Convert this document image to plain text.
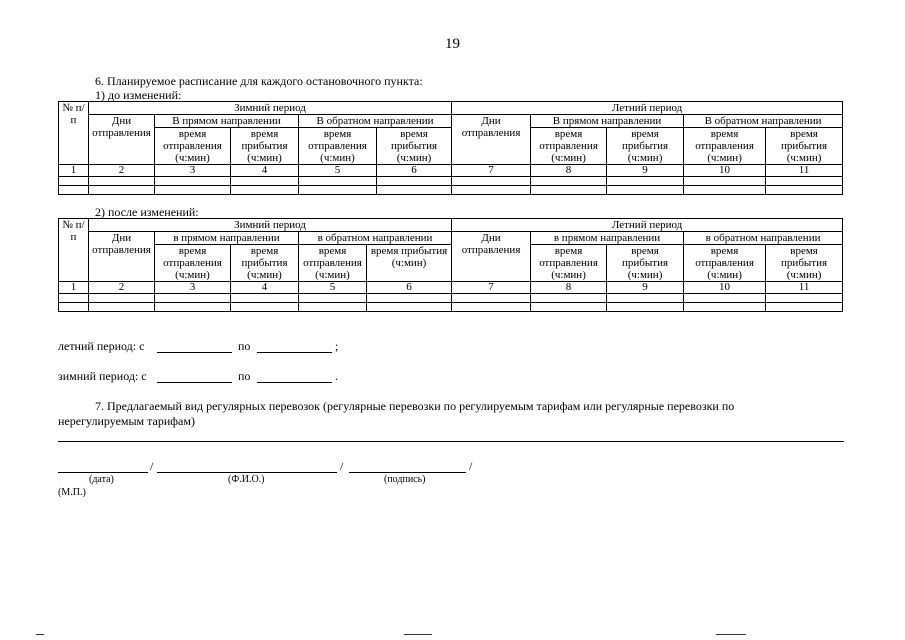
19
6. Планируемое расписание для каждого остановочного пункта:
1) до изменений:
№ п/п	Зимний период					Летний период				
	Дни отправления	В прямом направлении		В обратном направлении		Дни отправления	В прямом направлении		В обратном направлении	
		время отправления (ч:мин)	время прибытия (ч:мин)	время отправления (ч:мин)	время прибытия (ч:мин)		время отправления (ч:мин)	время прибытия (ч:мин)	время отправления (ч:мин)	время прибытия (ч:мин)
1	2	3	4	5	6	7	8	9	10	11

2) после изменений:
№ п/п	Зимний период					Летний период				
	Дни отправления	в прямом направлении		в обратном направлении		Дни отправления	в прямом направлении		в обратном направлении	
		время отправления (ч:мин)	время прибытия (ч:мин)	время отправления (ч:мин)	время прибытия (ч:мин)		время отправления (ч:мин)	время прибытия (ч:мин)	время отправления (ч:мин)	время прибытия (ч:мин)
1	2	3	4	5	6	7	8	9	10	11

летний период: с	по	;
зимний период: с	по	.
7. Предлагаемый вид регулярных перевозок (регулярные перевозки по регулируемым тарифам или регулярные перевозки по
нерегулируемым тарифам)
/	/	/
(дата)	(Ф.И.О.)	(подпись)
(М.П.)
